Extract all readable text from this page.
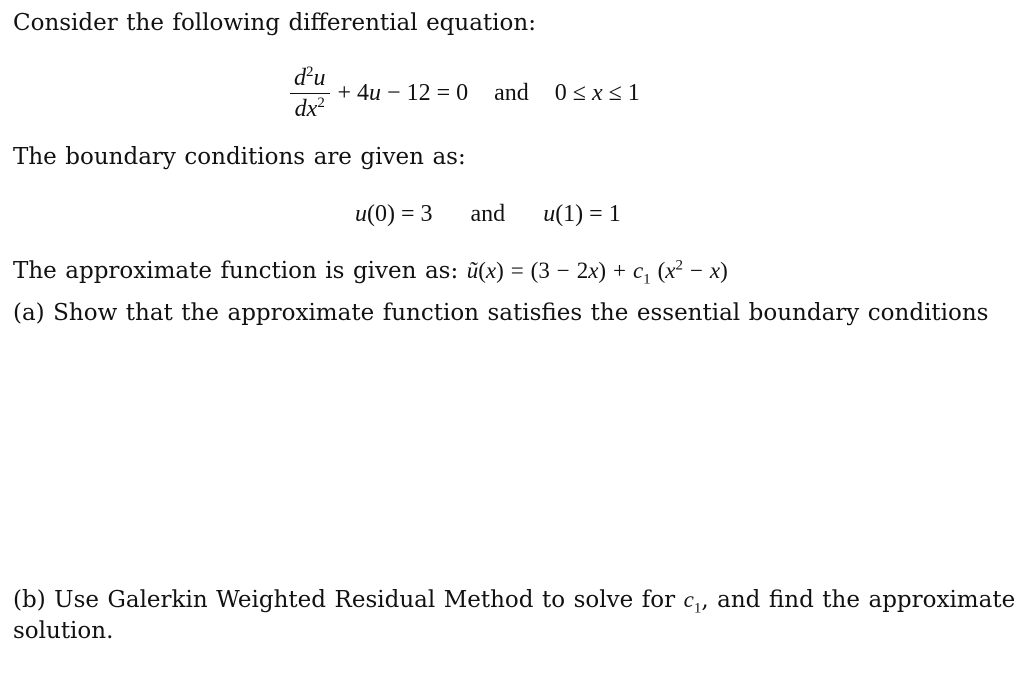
Consider the following differential equation:
$\frac{d^2u}{dx^2} + 4u - 12 = 0$ and 0 ≤ x ≤ 1
The boundary conditions are given as:
u(0) = 3 and u(1) = 1
The approximate function is given as: ũ(x) = $(3 - 2x) + c_1$ $(x^2 - x)$
(a) Show that the approximate function satisfies the essential boundary conditions
(b) Use Galerkin Weighted Residual Method to solve for $c_1$, and find the approximate
solution.
